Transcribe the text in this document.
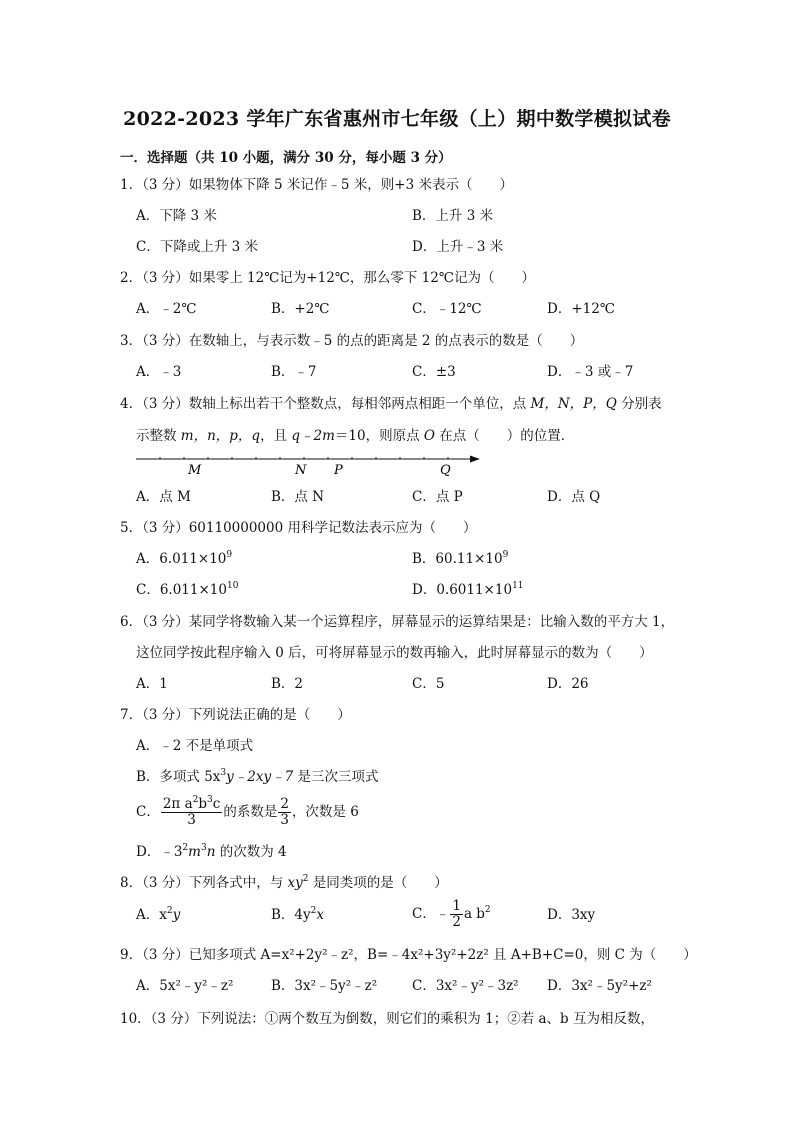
2022-2023 学年广东省惠州市七年级（上）期中数学模拟试卷
一．选择题（共 10 小题，满分 30 分，每小题 3 分）
1．（3 分）如果物体下降 5 米记作﹣5 米，则+3 米表示（　　）
A．下降 3 米	B．上升 3 米
C．下降或上升 3 米	D．上升﹣3 米
2．（3 分）如果零上 12℃记为+12℃，那么零下 12℃记为（　　）
A．﹣2℃	B．+2℃	C．﹣12℃	D．+12℃
3．（3 分）在数轴上，与表示数﹣5 的点的距离是 2 的点表示的数是（　　）
A．﹣3	B．﹣7	C．±3	D．﹣3 或﹣7
4．（3 分）数轴上标出若干个整数点，每相邻两点相距一个单位，点 M，N，P，Q 分别表
示整数 m，n，p，q，且 q﹣2m＝10，则原点 O 在点（　　）的位置．
M	N P	Q
A．点 M	B．点 N	C．点 P	D．点 Q
5．（3 分）60110000000 用科学记数法表示应为（　　）
A．$6.011\times 10^9$	B．$60.11\times 10^9$
C．$6.011\times 10^{10}$	D．$0.6011\times 10^{11}$
6．（3 分）某同学将数输入某一个运算程序，屏幕显示的运算结果是：比输入数的平方大 1，
这位同学按此程序输入 0 后，可将屏幕显示的数再输入，此时屏幕显示的数为（　　）
A．1	B．2	C．5	D．26
7．（3 分）下列说法正确的是（　　）
A．﹣2 不是单项式
B．多项式 $5x^3y﹣2xy﹣7$ 是三次三项式
C． $\frac{2\pi a^2b^3c}{3}$ 的系数是 $\frac{2}{3}$ ，次数是 6
D．$﹣3^2m^3n$ 的次数为 4
8．（3 分）下列各式中，与 $xy^2$ 是同类项的是（　　）
A．$x^2y$	B．$4y^2x$	C．﹣ $\frac{1}{2}$ a $b^2$	D．3xy
9．（3 分）已知多项式 A=x²+2y²﹣z²，B=﹣4x²+3y²+2z² 且 A+B+C=0，则 C 为（　　）
A．5x²﹣y²﹣z²	B．3x²﹣5y²﹣z²	C．3x²﹣y²﹣3z² D．3x²﹣5y²+z²
10．（3 分）下列说法：①两个数互为倒数，则它们的乘积为 1；②若 a、b 互为相反数，
